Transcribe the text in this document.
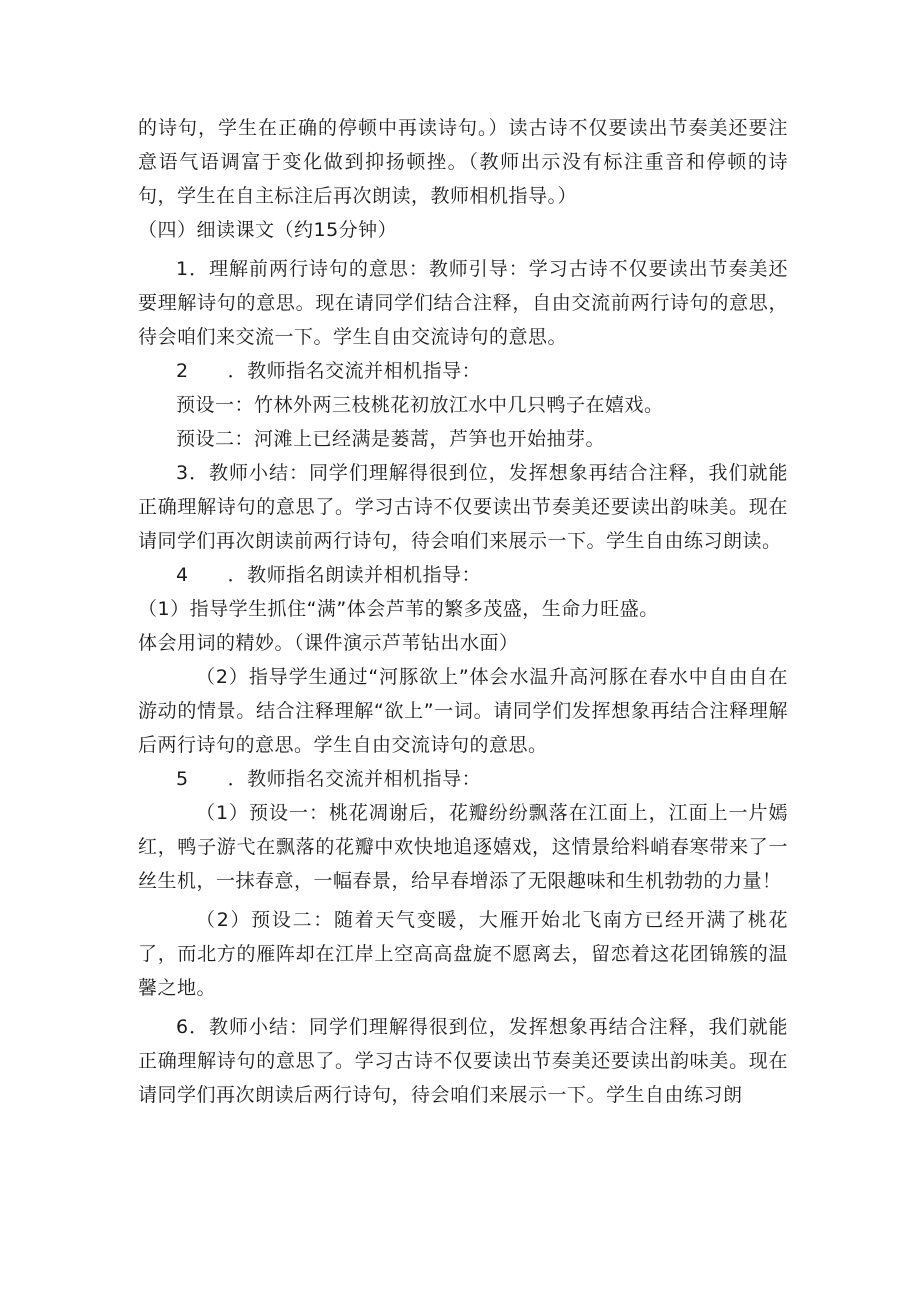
的诗句，学生在正确的停顿中再读诗句。）读古诗不仅要读出节奏美还要注意语气语调富于变化做到抑扬顿挫。（教师出示没有标注重音和停顿的诗句，学生在自主标注后再次朗读，教师相机指导。）

（四）细读课文（约15分钟）

1．理解前两行诗句的意思：教师引导：学习古诗不仅要读出节奏美还要理解诗句的意思。现在请同学们结合注释，自由交流前两行诗句的意思，待会咱们来交流一下。学生自由交流诗句的意思。

2　　．教师指名交流并相机指导：

预设一：竹林外两三枝桃花初放江水中几只鸭子在嬉戏。

预设二：河滩上已经满是蒌蒿，芦笋也开始抽芽。

3．教师小结：同学们理解得很到位，发挥想象再结合注释，我们就能正确理解诗句的意思了。学习古诗不仅要读出节奏美还要读出韵味美。现在请同学们再次朗读前两行诗句，待会咱们来展示一下。学生自由练习朗读。

4　　．教师指名朗读并相机指导：

（1）指导学生抓住“满”体会芦苇的繁多茂盛，生命力旺盛。

体会用词的精妙。（课件演示芦苇钻出水面）

（2）指导学生通过“河豚欲上”体会水温升高河豚在春水中自由自在游动的情景。结合注释理解“欲上”一词。请同学们发挥想象再结合注释理解后两行诗句的意思。学生自由交流诗句的意思。

5　　．教师指名交流并相机指导：

（1）预设一：桃花凋谢后，花瓣纷纷飘落在江面上，江面上一片嫣红，鸭子游弋在飘落的花瓣中欢快地追逐嬉戏，这情景给料峭春寒带来了一丝生机，一抹春意，一幅春景，给早春增添了无限趣味和生机勃勃的力量！

（2）预设二：随着天气变暖，大雁开始北飞南方已经开满了桃花了，而北方的雁阵却在江岸上空高高盘旋不愿离去，留恋着这花团锦簇的温馨之地。

6．教师小结：同学们理解得很到位，发挥想象再结合注释，我们就能正确理解诗句的意思了。学习古诗不仅要读出节奏美还要读出韵味美。现在请同学们再次朗读后两行诗句，待会咱们来展示一下。学生自由练习朗
